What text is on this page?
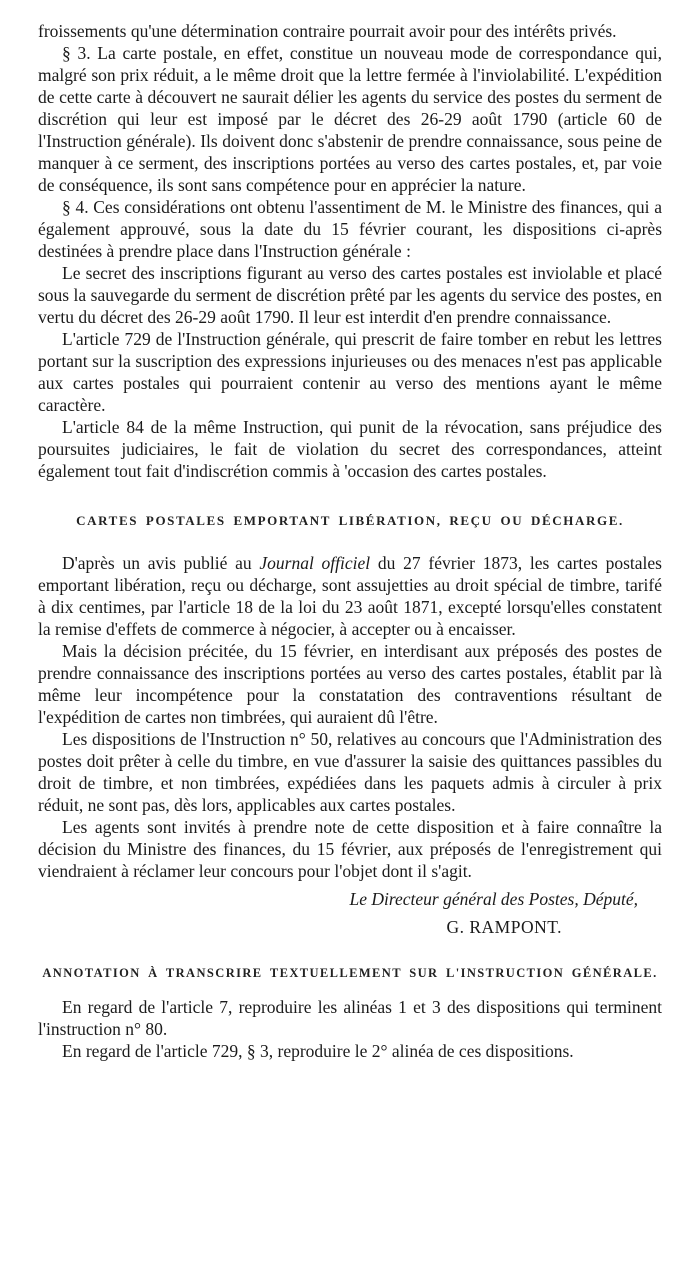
froissements qu'une détermination contraire pourrait avoir pour des intérêts privés.

§ 3. La carte postale, en effet, constitue un nouveau mode de correspondance qui, malgré son prix réduit, a le même droit que la lettre fermée à l'inviolabilité. L'expédition de cette carte à découvert ne saurait délier les agents du service des postes du serment de discrétion qui leur est imposé par le décret des 26-29 août 1790 (article 60 de l'Instruction générale). Ils doivent donc s'abstenir de prendre connaissance, sous peine de manquer à ce serment, des inscriptions portées au verso des cartes postales, et, par voie de conséquence, ils sont sans compétence pour en apprécier la nature.

§ 4. Ces considérations ont obtenu l'assentiment de M. le Ministre des finances, qui a également approuvé, sous la date du 15 février courant, les dispositions ci-après destinées à prendre place dans l'Instruction générale :

Le secret des inscriptions figurant au verso des cartes postales est inviolable et placé sous la sauvegarde du serment de discrétion prêté par les agents du service des postes, en vertu du décret des 26-29 août 1790. Il leur est interdit d'en prendre connaissance.

L'article 729 de l'Instruction générale, qui prescrit de faire tomber en rebut les lettres portant sur la suscription des expressions injurieuses ou des menaces n'est pas applicable aux cartes postales qui pourraient contenir au verso des mentions ayant le même caractère.

L'article 84 de la même Instruction, qui punit de la révocation, sans préjudice des poursuites judiciaires, le fait de violation du secret des correspondances, atteint également tout fait d'indiscrétion commis à 'occasion des cartes postales.

CARTES POSTALES EMPORTANT LIBÉRATION, REÇU OU DÉCHARGE.

D'après un avis publié au Journal officiel du 27 février 1873, les cartes postales emportant libération, reçu ou décharge, sont assujetties au droit spécial de timbre, tarifé à dix centimes, par l'article 18 de la loi du 23 août 1871, excepté lorsqu'elles constatent la remise d'effets de commerce à négocier, à accepter ou à encaisser.

Mais la décision précitée, du 15 février, en interdisant aux préposés des postes de prendre connaissance des inscriptions portées au verso des cartes postales, établit par là même leur incompétence pour la constatation des contraventions résultant de l'expédition de cartes non timbrées, qui auraient dû l'être.

Les dispositions de l'Instruction n° 50, relatives au concours que l'Administration des postes doit prêter à celle du timbre, en vue d'assurer la saisie des quittances passibles du droit de timbre, et non timbrées, expédiées dans les paquets admis à circuler à prix réduit, ne sont pas, dès lors, applicables aux cartes postales.

Les agents sont invités à prendre note de cette disposition et à faire connaître la décision du Ministre des finances, du 15 février, aux préposés de l'enregistrement qui viendraient à réclamer leur concours pour l'objet dont il s'agit.

Le Directeur général des Postes, Député,

G. RAMPONT.

ANNOTATION À TRANSCRIRE TEXTUELLEMENT SUR L'INSTRUCTION GÉNÉRALE.

En regard de l'article 7, reproduire les alinéas 1 et 3 des dispositions qui terminent l'instruction n° 80.

En regard de l'article 729, § 3, reproduire le 2° alinéa de ces dispositions.
